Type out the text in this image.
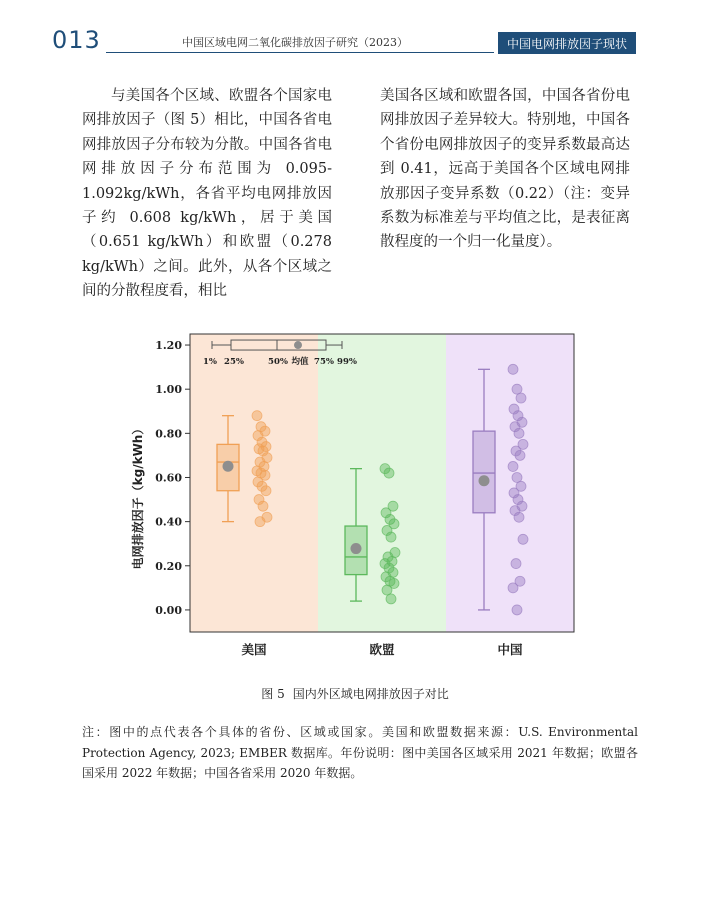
013	中国区域电网二氧化碳排放因子研究（2023）	中国电网排放因子现状
与美国各个区域、欧盟各个国家电网排放因子（图 5）相比，中国各省电网排放因子分布较为分散。中国各省电网排放因子分布范围为 0.095-1.092kg/kWh，各省平均电网排放因子约 0.608 kg/kWh，居于美国（0.651 kg/kWh）和欧盟（0.278 kg/kWh）之间。此外，从各个区域之间的分散程度看，相比
美国各区域和欧盟各国，中国各省份电网排放因子差异较大。特别地，中国各个省份电网排放因子的变异系数最高达到 0.41，远高于美国各个区域电网排放那因子变异系数（0.22）（注：变异系数为标准差与平均值之比，是表征离散程度的一个归一化量度）。
1.20
1.00
0.80
0.60
0.40
0.20
0.00
美国	欧盟	中国
1% 25%	50% 均值 75% 99%
电网排放因子（kg/kWh）
图 5 国内外区域电网排放因子对比
注：图中的点代表各个具体的省份、区域或国家。美国和欧盟数据来源：U.S. Environmental Protection Agency, 2023; EMBER 数据库。年份说明：图中美国各区域采用 2021 年数据；欧盟各国采用 2022 年数据；中国各省采用 2020 年数据。
